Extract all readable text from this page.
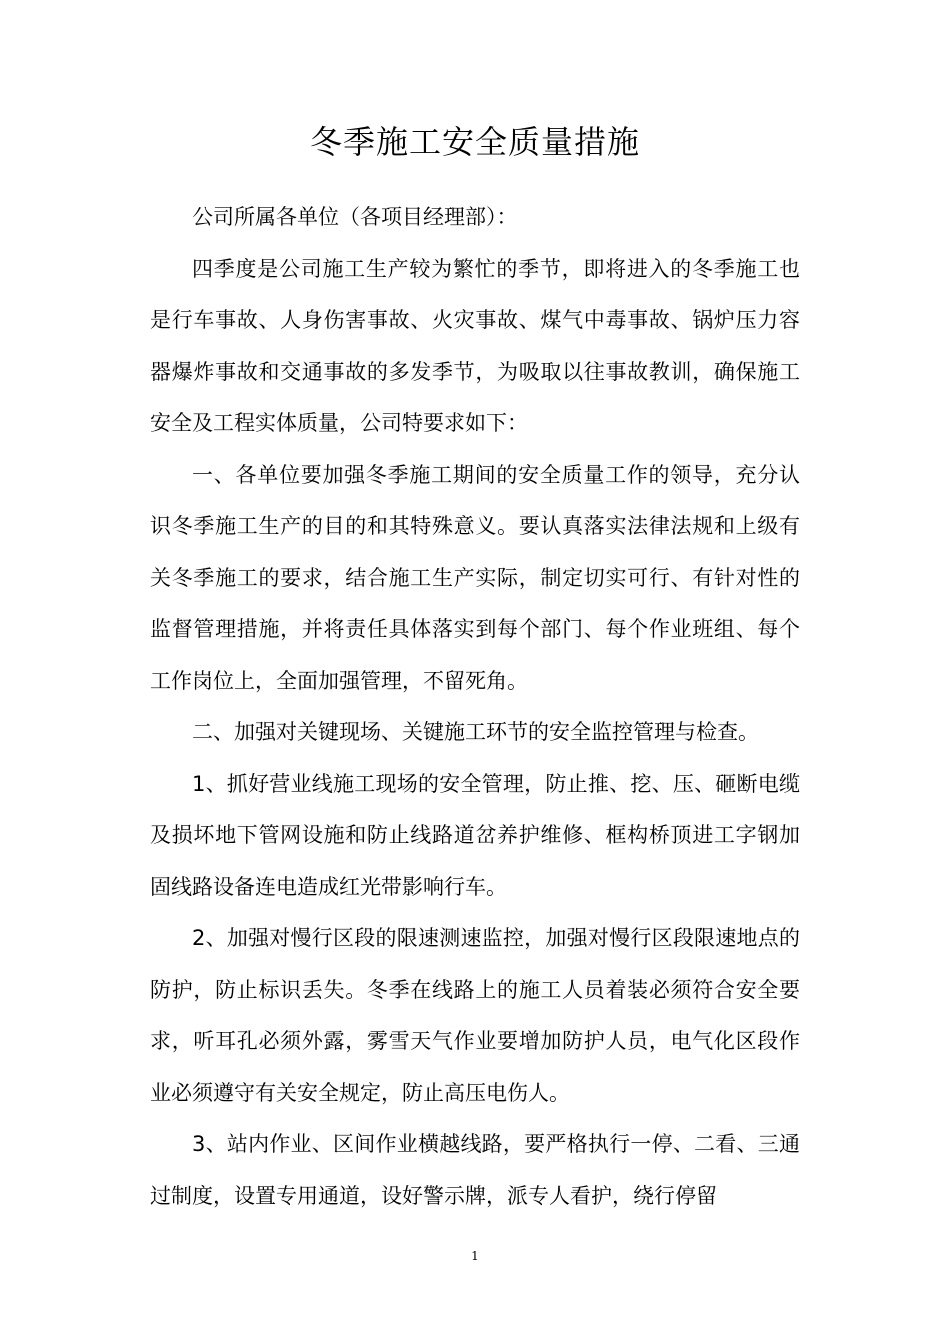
冬季施工安全质量措施

公司所属各单位（各项目经理部）：

四季度是公司施工生产较为繁忙的季节，即将进入的冬季施工也是行车事故、人身伤害事故、火灾事故、煤气中毒事故、锅炉压力容器爆炸事故和交通事故的多发季节，为吸取以往事故教训，确保施工安全及工程实体质量，公司特要求如下：

一、各单位要加强冬季施工期间的安全质量工作的领导，充分认识冬季施工生产的目的和其特殊意义。要认真落实法律法规和上级有关冬季施工的要求，结合施工生产实际，制定切实可行、有针对性的监督管理措施，并将责任具体落实到每个部门、每个作业班组、每个工作岗位上，全面加强管理，不留死角。

二、加强对关键现场、关键施工环节的安全监控管理与检查。

1、抓好营业线施工现场的安全管理，防止推、挖、压、砸断电缆及损坏地下管网设施和防止线路道岔养护维修、框构桥顶进工字钢加固线路设备连电造成红光带影响行车。

2、加强对慢行区段的限速测速监控，加强对慢行区段限速地点的防护，防止标识丢失。冬季在线路上的施工人员着装必须符合安全要求，听耳孔必须外露，雾雪天气作业要增加防护人员，电气化区段作业必须遵守有关安全规定，防止高压电伤人。

3、站内作业、区间作业横越线路，要严格执行一停、二看、三通过制度，设置专用通道，设好警示牌，派专人看护，绕行停留

1
